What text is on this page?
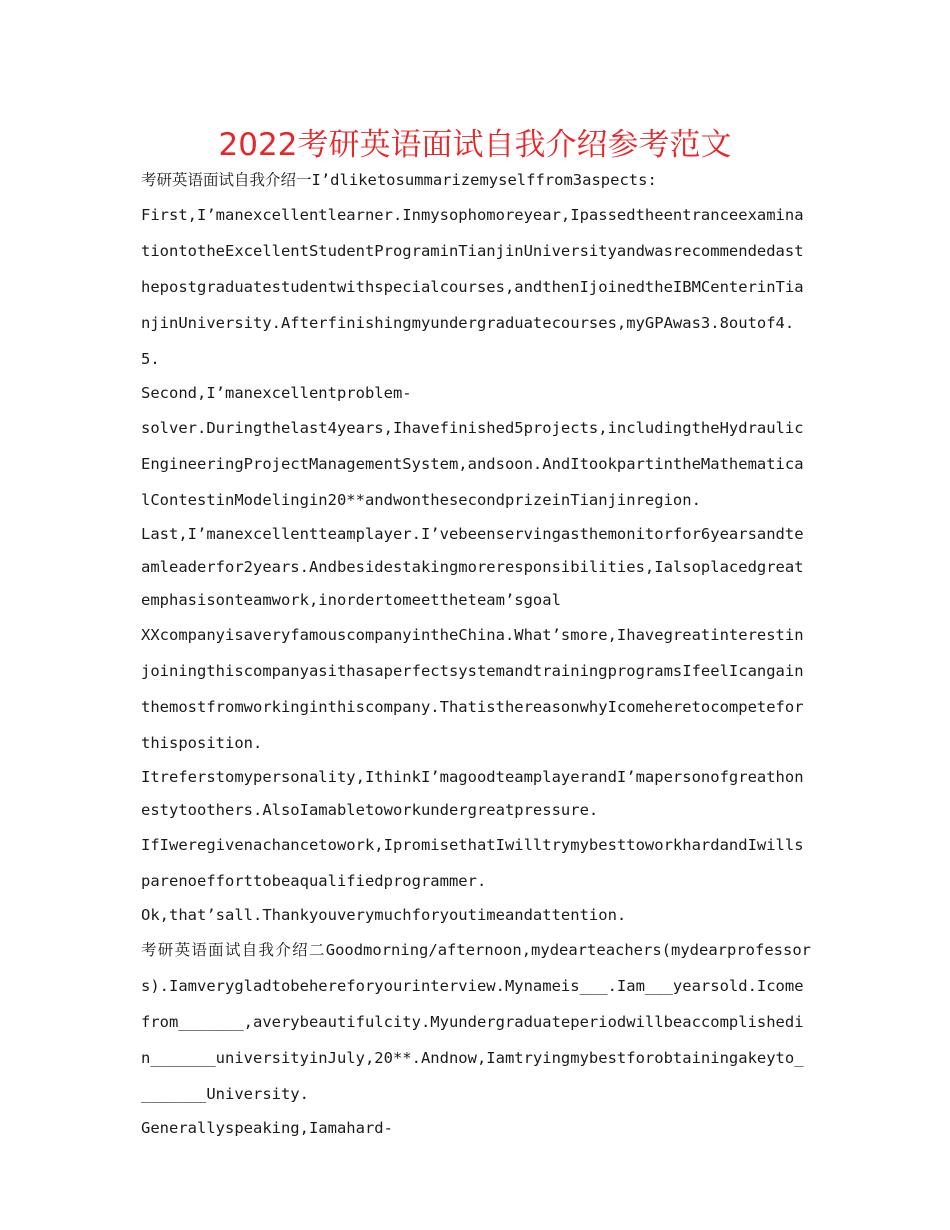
2022考研英语面试自我介绍参考范文

考研英语面试自我介绍一I’dliketosummarizemyselffrom3aspects:

First,I’manexcellentlearner.Inmysophomoreyear,IpassedtheentranceexaminationtotheExcellentStudentPrograminTianjinUniversityandwasrecommendedasthepostgraduatestudentwithspecialcourses,andthenIjoinedtheIBMCenterinTianjinUniversity.Afterfinishingmyundergraduatecourses,myGPAwas3.8outof4.5.

Second,I’manexcellentproblem-

solver.Duringthelast4years,Ihavefinished5projects,includingtheHydraulicEngineeringProjectManagementSystem,andsoon.AndItookpartintheMathematicalContestinModelingin20**andwonthesecondprizeinTianjinregion.

Last,I’manexcellentteamplayer.I’vebeenservingasthemonitorfor6yearsandteamleaderfor2years.Andbesidestakingmoreresponsibilities,Ialsoplacedgreatemphasisonteamwork,inordertomeettheteam’sgoal

XXcompanyisaveryfamouscompanyintheChina.What’smore,IhavegreatinterestinjoiningthiscompanyasithasaperfectsystemandtrainingprogramsIfeelIcangainthemostfromworkinginthiscompany.ThatisthereasonwhyIcomeheretocompeteforthisposition.

Itreferstomypersonality,IthinkI’magoodteamplayerandI’mapersonofgreathonestytoothers.AlsoIamabletoworkundergreatpressure.

IfIweregivenachancetowork,IpromisethatIwilltrymybesttoworkhardandIwillsparenoefforttobeaqualifiedprogrammer.

Ok,that’sall.Thankyouverymuchforyoutimeandattention.

考研英语面试自我介绍二Goodmorning/afternoon,mydearteachers(mydearprofessors).Iamverygladtobehereforyourinterview.Mynameis___.Iam___yearsold.Icomefrom_______,averybeautifulcity.Myundergraduateperiodwillbeaccomplishedin_______universityinJuly,20**.Andnow,Iamtryingmybestforobtainingakeyto________University.

Generallyspeaking,Iamahard-
